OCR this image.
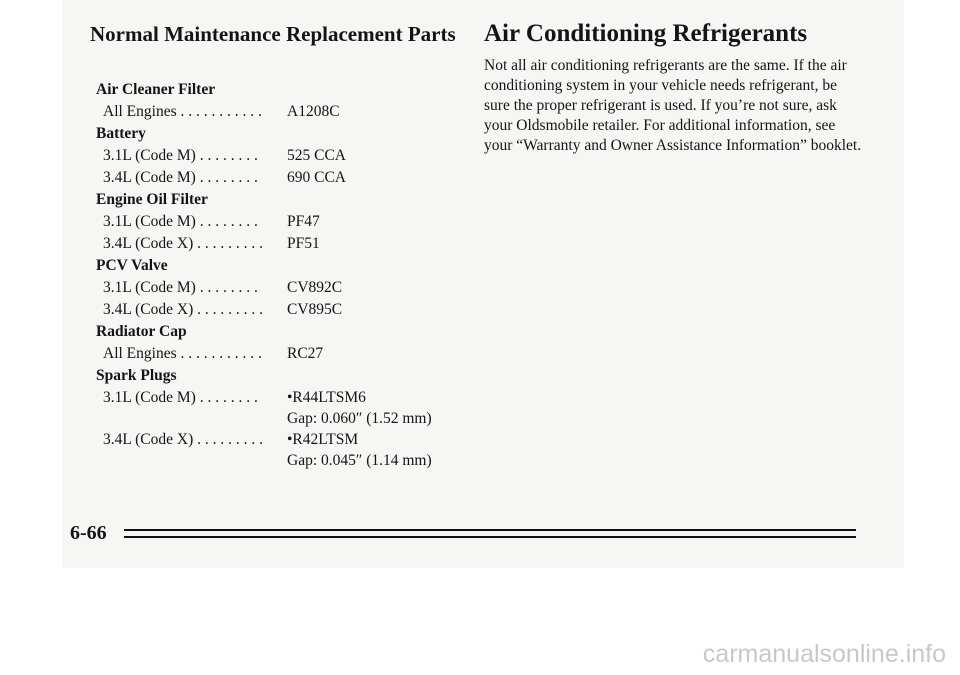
Normal Maintenance Replacement Parts
Air Cleaner Filter
All Engines . . . . . . . . . . . A1208C
Battery
3.1L (Code M) . . . . . . . . 525 CCA
3.4L (Code M) . . . . . . . . 690 CCA
Engine Oil Filter
3.1L (Code M) . . . . . . . . PF47
3.4L (Code X) . . . . . . . . . PF51
PCV Valve
3.1L (Code M) . . . . . . . . CV892C
3.4L (Code X) . . . . . . . . . CV895C
Radiator Cap
All Engines . . . . . . . . . . . RC27
Spark Plugs
3.1L (Code M) . . . . . . . . •R44LTSM6
Gap: 0.060″ (1.52 mm)
3.4L (Code X) . . . . . . . . . •R42LTSM
Gap: 0.045″ (1.14 mm)
Air Conditioning Refrigerants

Not all air conditioning refrigerants are the same. If the air conditioning system in your vehicle needs refrigerant, be sure the proper refrigerant is used. If you’re not sure, ask your Oldsmobile retailer. For additional information, see your “Warranty and Owner Assistance Information” booklet.

6-66

carmanualsonline.info
